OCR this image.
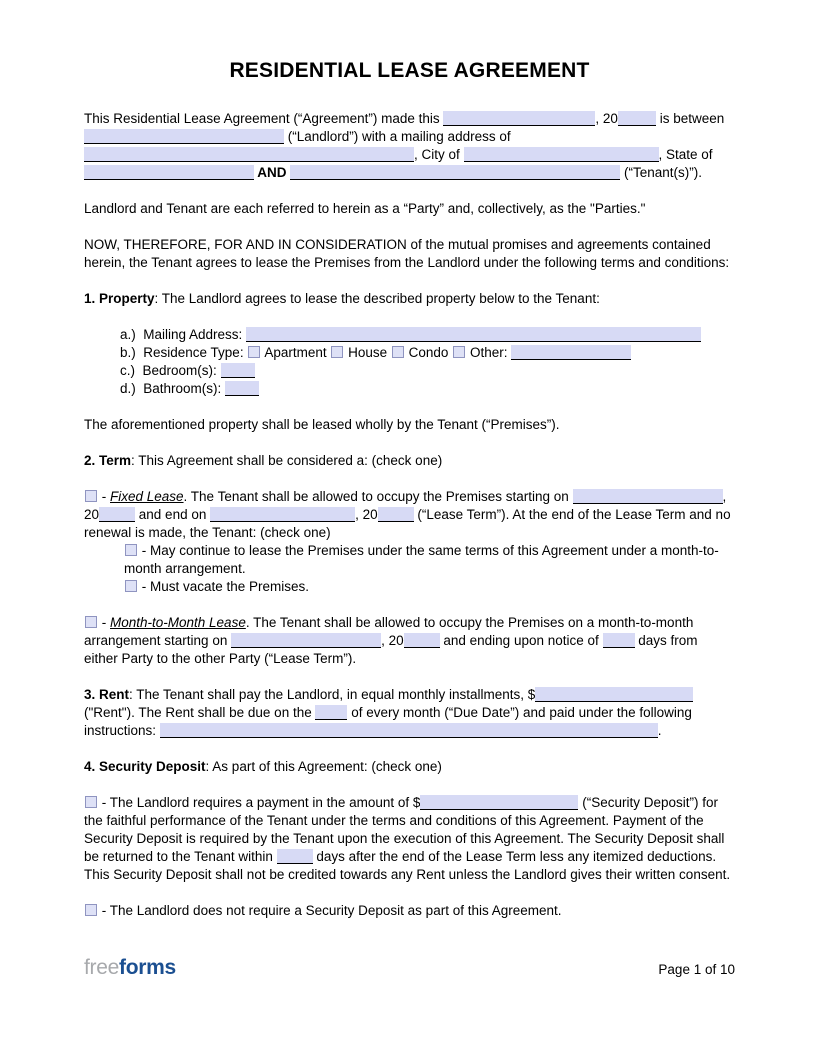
RESIDENTIAL LEASE AGREEMENT

This Residential Lease Agreement (“Agreement”) made this	, 20	is between  (“Landlord”) with a mailing address of , City of	, State of  AND	(“Tenant(s)”).

Landlord and Tenant are each referred to herein as a “Party” and, collectively, as the "Parties."

NOW, THEREFORE, FOR AND IN CONSIDERATION of the mutual promises and agreements contained herein, the Tenant agrees to lease the Premises from the Landlord under the following terms and conditions:

1. Property: The Landlord agrees to lease the described property below to the Tenant:

a.)  Mailing Address:

b.)  Residence Type:  Apartment  House  Condo  Other:

c.)  Bedroom(s):

d.)  Bathroom(s):

The aforementioned property shall be leased wholly by the Tenant (“Premises”).

2. Term: This Agreement shall be considered a: (check one)

- Fixed Lease. The Tenant shall be allowed to occupy the Premises starting on	, 20	and end on	, 20	(“Lease Term”). At the end of the Lease Term and no renewal is made, the Tenant: (check one)

- May continue to lease the Premises under the same terms of this Agreement under a month-to-month arrangement.

- Must vacate the Premises.

- Month-to-Month Lease. The Tenant shall be allowed to occupy the Premises on a month-to-month arrangement starting on	, 20	and ending upon notice of  days from either Party to the other Party (“Lease Term”).

3. Rent: The Tenant shall pay the Landlord, in equal monthly installments, $ ("Rent"). The Rent shall be due on the  of every month (“Due Date”) and paid under the following instructions:	.

4. Security Deposit: As part of this Agreement: (check one)

- The Landlord requires a payment in the amount of $	(“Security Deposit”) for the faithful performance of the Tenant under the terms and conditions of this Agreement. Payment of the Security Deposit is required by the Tenant upon the execution of this Agreement. The Security Deposit shall be returned to the Tenant within	days after the end of the Lease Term less any itemized deductions. This Security Deposit shall not be credited towards any Rent unless the Landlord gives their written consent.

- The Landlord does not require a Security Deposit as part of this Agreement.

freeforms	Page 1 of 10
